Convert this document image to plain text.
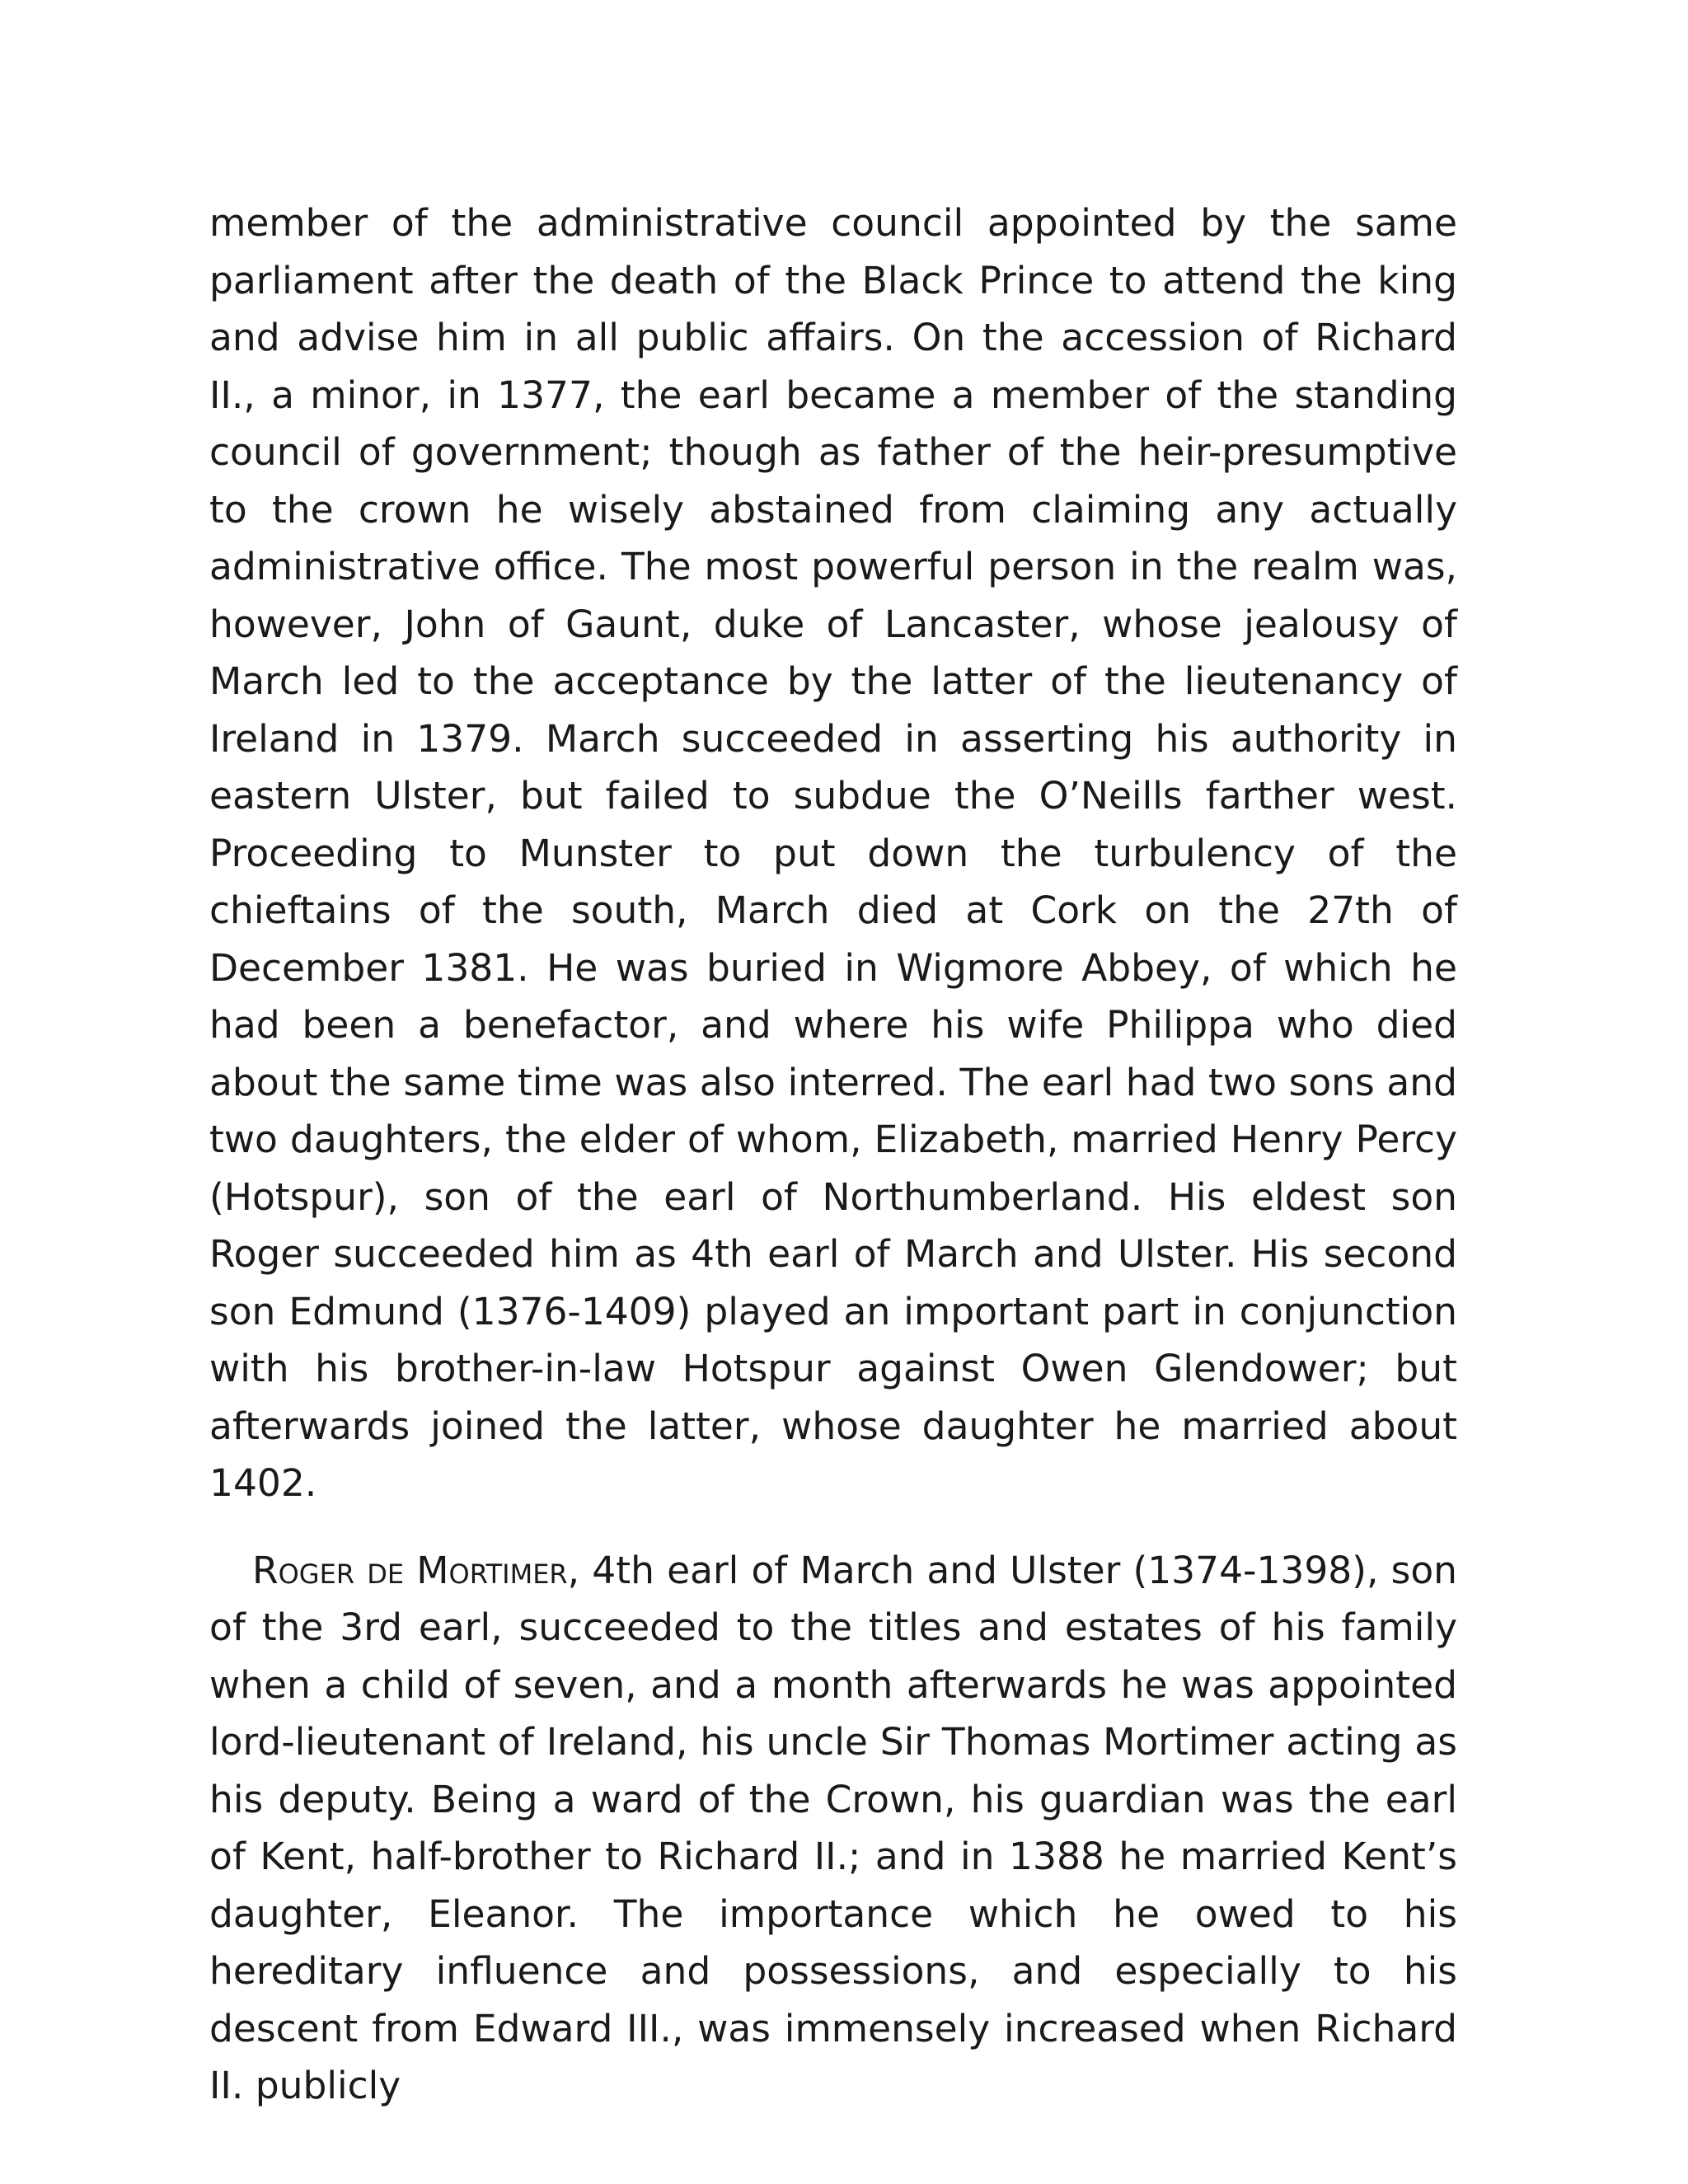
member of the administrative council appointed by the same parliament after the death of the Black Prince to attend the king and advise him in all public affairs. On the accession of Richard II., a minor, in 1377, the earl became a member of the standing council of government; though as father of the heir-presumptive to the crown he wisely abstained from claiming any actually administrative office. The most powerful person in the realm was, however, John of Gaunt, duke of Lancaster, whose jealousy of March led to the acceptance by the latter of the lieutenancy of Ireland in 1379. March succeeded in asserting his authority in eastern Ulster, but failed to subdue the O’Neills farther west. Proceeding to Munster to put down the turbulency of the chieftains of the south, March died at Cork on the 27th of December 1381. He was buried in Wigmore Abbey, of which he had been a benefactor, and where his wife Philippa who died about the same time was also interred. The earl had two sons and two daughters, the elder of whom, Elizabeth, married Henry Percy (Hotspur), son of the earl of Northumberland. His eldest son Roger succeeded him as 4th earl of March and Ulster. His second son Edmund (1376-1409) played an important part in conjunction with his brother-in-law Hotspur against Owen Glendower; but afterwards joined the latter, whose daughter he married about 1402.

Roger de Mortimer, 4th earl of March and Ulster (1374-1398), son of the 3rd earl, succeeded to the titles and estates of his family when a child of seven, and a month afterwards he was appointed lord-lieutenant of Ireland, his uncle Sir Thomas Mortimer acting as his deputy. Being a ward of the Crown, his guardian was the earl of Kent, half-brother to Richard II.; and in 1388 he married Kent’s daughter, Eleanor. The importance which he owed to his hereditary influence and possessions, and especially to his descent from Edward III., was immensely increased when Richard II. publicly
